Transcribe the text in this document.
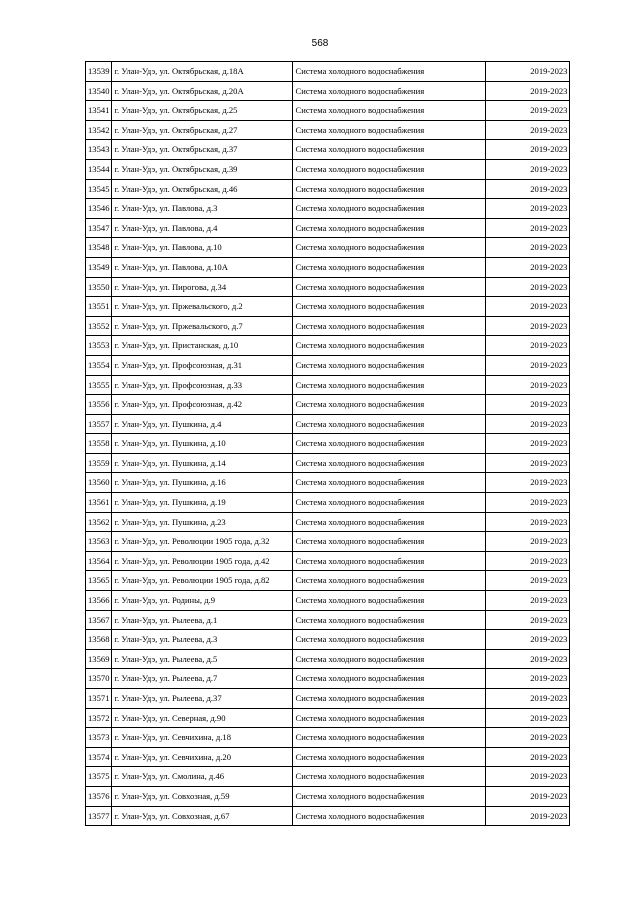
568
13539	г. Улан-Удэ, ул. Октябрьская, д.18А	Система холодного водоснабжения	2019-2023
13540	г. Улан-Удэ, ул. Октябрьская, д.20А	Система холодного водоснабжения	2019-2023
13541	г. Улан-Удэ, ул. Октябрьская, д.25	Система холодного водоснабжения	2019-2023
13542	г. Улан-Удэ, ул. Октябрьская, д.27	Система холодного водоснабжения	2019-2023
13543	г. Улан-Удэ, ул. Октябрьская, д.37	Система холодного водоснабжения	2019-2023
13544	г. Улан-Удэ, ул. Октябрьская, д.39	Система холодного водоснабжения	2019-2023
13545	г. Улан-Удэ, ул. Октябрьская, д.46	Система холодного водоснабжения	2019-2023
13546	г. Улан-Удэ, ул. Павлова, д.3	Система холодного водоснабжения	2019-2023
13547	г. Улан-Удэ, ул. Павлова, д.4	Система холодного водоснабжения	2019-2023
13548	г. Улан-Удэ, ул. Павлова, д.10	Система холодного водоснабжения	2019-2023
13549	г. Улан-Удэ, ул. Павлова, д.10А	Система холодного водоснабжения	2019-2023
13550	г. Улан-Удэ, ул. Пирогова, д.34	Система холодного водоснабжения	2019-2023
13551	г. Улан-Удэ, ул. Пржевальского, д.2	Система холодного водоснабжения	2019-2023
13552	г. Улан-Удэ, ул. Пржевальского, д.7	Система холодного водоснабжения	2019-2023
13553	г. Улан-Удэ, ул. Пристанская, д.10	Система холодного водоснабжения	2019-2023
13554	г. Улан-Удэ, ул. Профсоюзная, д.31	Система холодного водоснабжения	2019-2023
13555	г. Улан-Удэ, ул. Профсоюзная, д.33	Система холодного водоснабжения	2019-2023
13556	г. Улан-Удэ, ул. Профсоюзная, д.42	Система холодного водоснабжения	2019-2023
13557	г. Улан-Удэ, ул. Пушкина, д.4	Система холодного водоснабжения	2019-2023
13558	г. Улан-Удэ, ул. Пушкина, д.10	Система холодного водоснабжения	2019-2023
13559	г. Улан-Удэ, ул. Пушкина, д.14	Система холодного водоснабжения	2019-2023
13560	г. Улан-Удэ, ул. Пушкина, д.16	Система холодного водоснабжения	2019-2023
13561	г. Улан-Удэ, ул. Пушкина, д.19	Система холодного водоснабжения	2019-2023
13562	г. Улан-Удэ, ул. Пушкина, д.23	Система холодного водоснабжения	2019-2023
13563	г. Улан-Удэ, ул. Революции 1905 года, д.32	Система холодного водоснабжения	2019-2023
13564	г. Улан-Удэ, ул. Революции 1905 года, д.42	Система холодного водоснабжения	2019-2023
13565	г. Улан-Удэ, ул. Революции 1905 года, д.82	Система холодного водоснабжения	2019-2023
13566	г. Улан-Удэ, ул. Родины, д.9	Система холодного водоснабжения	2019-2023
13567	г. Улан-Удэ, ул. Рылеева, д.1	Система холодного водоснабжения	2019-2023
13568	г. Улан-Удэ, ул. Рылеева, д.3	Система холодного водоснабжения	2019-2023
13569	г. Улан-Удэ, ул. Рылеева, д.5	Система холодного водоснабжения	2019-2023
13570	г. Улан-Удэ, ул. Рылеева, д.7	Система холодного водоснабжения	2019-2023
13571	г. Улан-Удэ, ул. Рылеева, д.37	Система холодного водоснабжения	2019-2023
13572	г. Улан-Удэ, ул. Северная, д.90	Система холодного водоснабжения	2019-2023
13573	г. Улан-Удэ, ул. Севчихина, д.18	Система холодного водоснабжения	2019-2023
13574	г. Улан-Удэ, ул. Севчихина, д.20	Система холодного водоснабжения	2019-2023
13575	г. Улан-Удэ, ул. Смолина, д.46	Система холодного водоснабжения	2019-2023
13576	г. Улан-Удэ, ул. Совхозная, д.59	Система холодного водоснабжения	2019-2023
13577	г. Улан-Удэ, ул. Совхозная, д.67	Система холодного водоснабжения	2019-2023
